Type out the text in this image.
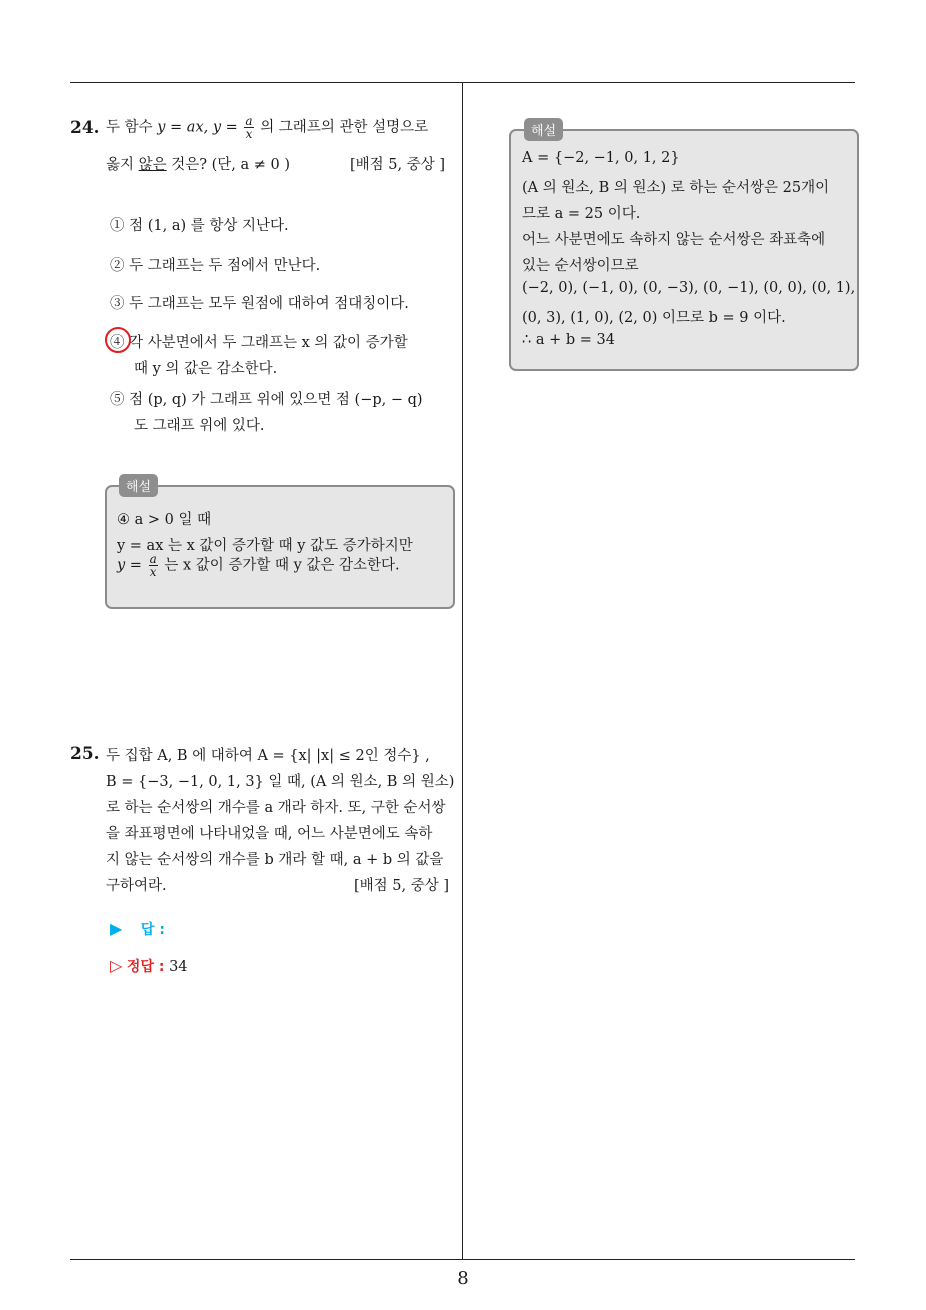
24. 두 함수 y = ax, $y = \frac{a}{x}$ 의 그래프의 관한 설명으로
옳지 않은 것은? (단, a ≠ 0 )	[배점 5, 중상 ]
① 점 (1, a) 를 항상 지난다.
② 두 그래프는 두 점에서 만난다.
③ 두 그래프는 모두 원점에 대하여 점대칭이다.
④ 각 사분면에서 두 그래프는 x 의 값이 증가할
때 y 의 값은 감소한다.
⑤ 점 (p, q) 가 그래프 위에 있으면 점 (−p, − q)
도 그래프 위에 있다.
해설
④ a > 0 일 때
y = ax 는 x 값이 증가할 때 y 값도 증가하지만
$y = \frac{a}{x}$ 는 x 값이 증가할 때 y 값은 감소한다.
25. 두 집합 A, B 에 대하여 A = {x| |x| ≤ 2인 정수} ,
B = {−3, −1, 0, 1, 3} 일 때, (A 의 원소, B 의 원소)
로 하는 순서쌍의 개수를 a 개라 하자. 또, 구한 순서쌍
을 좌표평면에 나타내었을 때, 어느 사분면에도 속하
지 않는 순서쌍의 개수를 b 개라 할 때, a + b 의 값을
구하여라.	[배점 5, 중상 ]
▶ 답 :
▷ 정답 : 34
해설
A = {−2, −1, 0, 1, 2}
(A 의 원소, B 의 원소) 로 하는 순서쌍은 25개이
므로 a = 25 이다.
어느 사분면에도 속하지 않는 순서쌍은 좌표축에
있는 순서쌍이므로
(−2, 0), (−1, 0), (0, −3), (0, −1), (0, 0), (0, 1),
(0, 3), (1, 0), (2, 0) 이므로 b = 9 이다.
∴ a + b = 34
8
